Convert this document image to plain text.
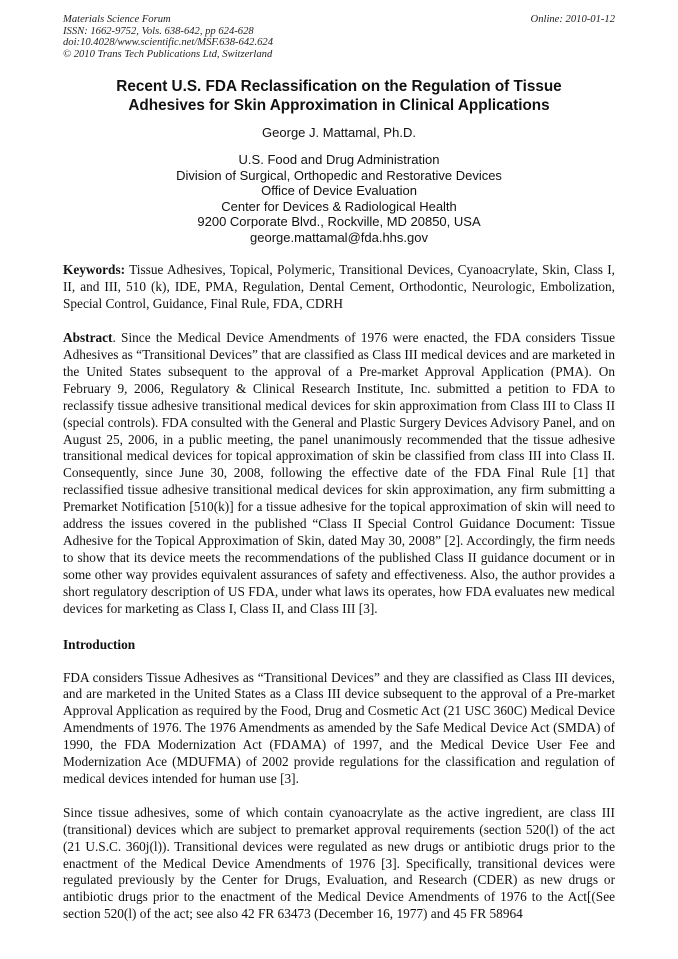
Materials Science Forum
ISSN: 1662-9752, Vols. 638-642, pp 624-628
doi:10.4028/www.scientific.net/MSF.638-642.624
© 2010 Trans Tech Publications Ltd, Switzerland
Online: 2010-01-12
Recent U.S. FDA Reclassification on the Regulation of Tissue
Adhesives for Skin Approximation in Clinical Applications
George J. Mattamal, Ph.D.
U.S. Food and Drug Administration
Division of Surgical, Orthopedic and Restorative Devices
Office of Device Evaluation
Center for Devices & Radiological Health
9200 Corporate Blvd., Rockville, MD 20850, USA
george.mattamal@fda.hhs.gov

Keywords: Tissue Adhesives, Topical, Polymeric, Transitional Devices, Cyanoacrylate, Skin, Class I, II, and III, 510 (k), IDE, PMA, Regulation, Dental Cement, Orthodontic, Neurologic, Embolization, Special Control, Guidance, Final Rule, FDA, CDRH

Abstract. Since the Medical Device Amendments of 1976 were enacted, the FDA considers Tissue Adhesives as “Transitional Devices” that are classified as Class III medical devices and are marketed in the United States subsequent to the approval of a Pre-market Approval Application (PMA). On February 9, 2006, Regulatory & Clinical Research Institute, Inc. submitted a petition to FDA to reclassify tissue adhesive transitional medical devices for skin approximation from Class III to Class II (special controls). FDA consulted with the General and Plastic Surgery Devices Advisory Panel, and on August 25, 2006, in a public meeting, the panel unanimously recommended that the tissue adhesive transitional medical devices for topical approximation of skin be classified from class III into Class II. Consequently, since June 30, 2008, following the effective date of the FDA Final Rule [1] that reclassified tissue adhesive transitional medical devices for skin approximation, any firm submitting a Premarket Notification [510(k)] for a tissue adhesive for the topical approximation of skin will need to address the issues covered in the published “Class II Special Control Guidance Document: Tissue Adhesive for the Topical Approximation of Skin, dated May 30, 2008” [2]. Accordingly, the firm needs to show that its device meets the recommendations of the published Class II guidance document or in some other way provides equivalent assurances of safety and effectiveness. Also, the author provides a short regulatory description of US FDA, under what laws its operates, how FDA evaluates new medical devices for marketing as Class I, Class II, and Class III [3].

Introduction

FDA considers Tissue Adhesives as “Transitional Devices” and they are classified as Class III devices, and are marketed in the United States as a Class III device subsequent to the approval of a Pre-market Approval Application as required by the Food, Drug and Cosmetic Act (21 USC 360C) Medical Device Amendments of 1976. The 1976 Amendments as amended by the Safe Medical Device Act (SMDA) of 1990, the FDA Modernization Act (FDAMA) of 1997, and the Medical Device User Fee and Modernization Ace (MDUFMA) of 2002 provide regulations for the classification and regulation of medical devices intended for human use [3].

Since tissue adhesives, some of which contain cyanoacrylate as the active ingredient, are class III (transitional) devices which are subject to premarket approval requirements (section 520(l) of the act (21 U.S.C. 360j(l)). Transitional devices were regulated as new drugs or antibiotic drugs prior to the enactment of the Medical Device Amendments of 1976 [3]. Specifically, transitional devices were regulated previously by the Center for Drugs, Evaluation, and Research (CDER) as new drugs or antibiotic drugs prior to the enactment of the Medical Device Amendments of 1976 to the Act[(See section 520(l) of the act; see also 42 FR 63473 (December 16, 1977) and 45 FR 58964
